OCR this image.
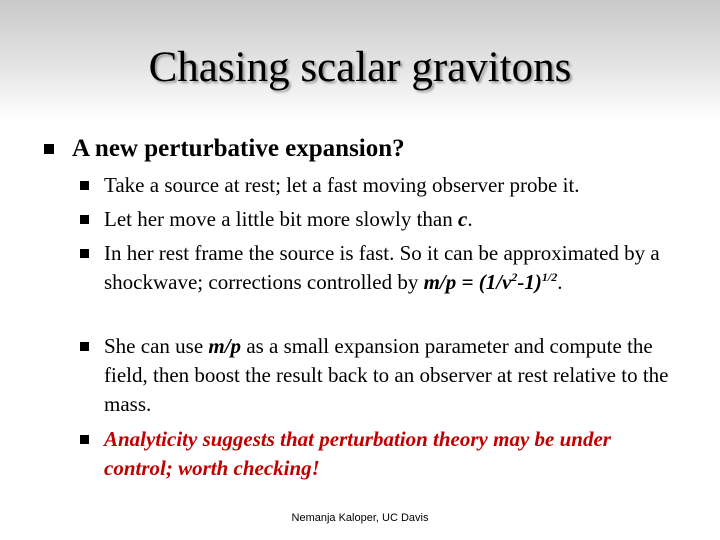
Chasing scalar gravitons
A new perturbative expansion?
Take a source at rest; let a fast moving observer probe it.
Let her move a little bit more slowly than c.
In her rest frame the source is fast. So it can be approximated by a shockwave; corrections controlled by $m/p = (1/v^2-1)^{1/2}$.
She can use m/p as a small expansion parameter and compute the field, then boost the result back to an observer at rest relative to the mass.
Analyticity suggests that perturbation theory may be under control; worth checking!
Nemanja Kaloper, UC Davis
